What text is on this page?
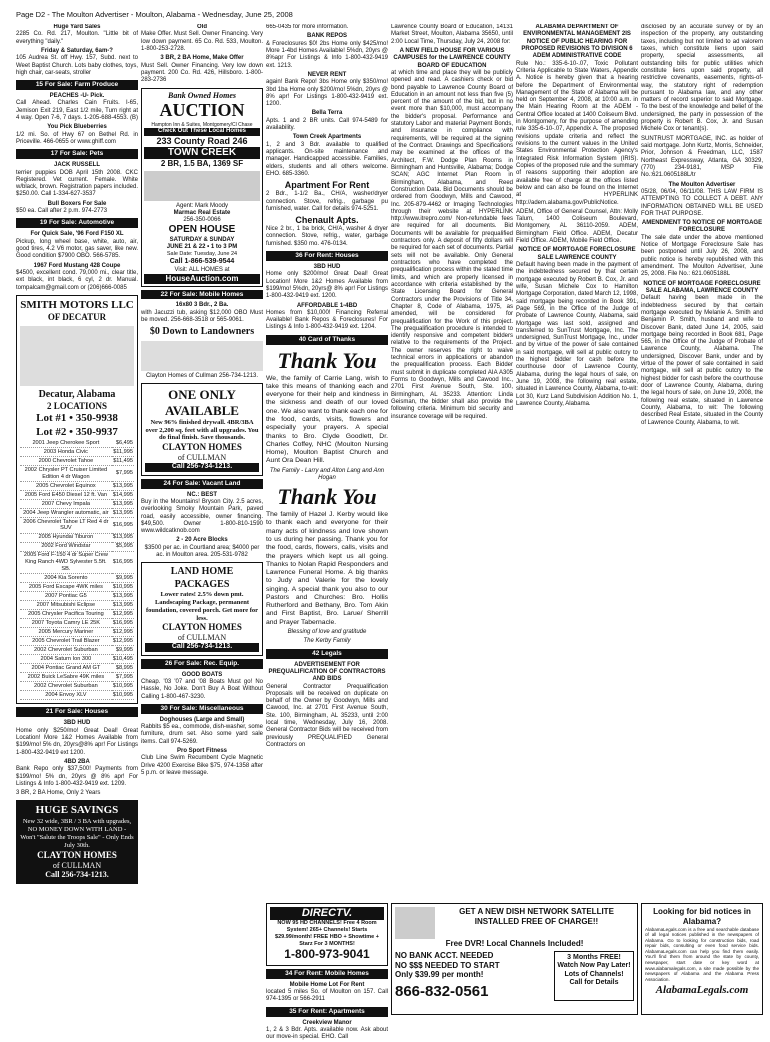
Page D2 - The Moulton Advertiser - Moulton, Alabama - Wednesday, June 25, 2008
Huge Yard Sales

2285 Co. Rd. 217, Moulton. "Little bit of everything "daily."

Friday & Saturday, 6am-?

105 Audrea St. off Hwy. 157, Subd. next to Weet Baptist Church. Lots baby clothes, toys, high chair, car-seats, stroller

15 For Sale: Farm Produce
PEACHES -U- Pick.

Call Ahead. Charles Cain Fruits. I-65, Jemison Exit 219, East 1/2 mile, Turn right at 4 way. Open 7-6, 7 days. 1-205-688-4553. (B)

You Pick Blueberries

1/2 mi. So. of Hwy 67 on Bethel Rd. in Priceville. 466-0655 or www.ghiff.com

17 For Sale: Pets
JACK RUSSELL

terrier puppies DOB April 15th 2008. CKC Registered. Vet current. Female. White w/black, brown. Registration papers included. $250.00. Call 1-334-627-3537

Bull Boxers For Sale

$50 ea. Call after 2 p.m. 974-2773

19 For Sale: Automotive
For Quick Sale, '96 Ford F150 XL

Pickup, long wheel base, white, auto, air, good tires, 4.2 V6 motor, gas saver, like new. Good condition $7900 OBO. 566-5785.

1967 Ford Mustang 428 Coupe

$4500, excellent cond. 79,000 mi., clear title, ext black, int black, 6 cyl, 2 dr. Manual. tompalcam@gmail.com or (206)666-0085

SMITH MOTORS LLC
OF DECATUR
Decatur, Alabama
2 LOCATIONS
Lot #1 • 350-9938
Lot #2 • 350-9937
2001 Jeep Cherokee Sport	$6,495
2003 Honda Civic	$11,995
2000 Chevrolet Tahoe	$11,495
2002 Chrysler PT Cruiser Limited Edition 4 dr Wagon	$7,995
2005 Chevrolet Equinox	$13,995
2005 Ford E450 Diesel 12 ft. Van	$14,995
2007 Chevy Impala	$13,995
2004 Jeep Wrangler automatic, air	$13,995
2006 Chevrolet Tahoe LT Red 4 dr SUV	$16,995
2005 Hyundai Tiburon	$13,995
2002 Ford Windstar	$5,995
2005 Ford F-150 4 dr Super Crew King Ranch 4WD Sylvester 5.5ft. SB.	$16,995
2004 Kia Sorento	$9,995
2005 Ford Escape 4WK miles	$10,995
2007 Pontiac G5	$13,995
2007 Mitsubishi Eclipse	$13,995
2005 Chrysler Pacifica Touring	$12,995
2007 Toyota Camry LE 25K	$16,995
2005 Mercury Mariner	$12,995
2005 Chevrolet Trail Blazer	$12,995
2002 Chevrolet Suburban	$9,995
2004 Saturn Ion 300	$10,495
2004 Pontiac Grand AM GT	$8,995
2002 Buick LeSabre 49K miles	$7,995
2002 Chevrolet Suburban	$10,995
2004 Envoy XLV	$10,995
21 For Sale: Houses
3BD HUD

Home only $250/mo! Great Deal! Great Location! More 1&2 Homes Available from $199/mo! 5% dn, 20yrs@8% apr! For Listings 1-800-432-9419 ext 1200.

4BD 2BA

Bank Repo only $37,500! Payments from $199/mo! 5% dn, 20yrs @ 8% apr! For Listings & Info 1-800-432-9419 ext. 1209.

3 BR, 2 BA Home, Only 2 Years

HUGE SAVINGS
New 32 wide, 3BR / 3 BA with upgrades, NO MONEY DOWN WITH LAND - Won't "Salute the Troops Sale" - Only Ends July 30th.
CLAYTON HOMES
of CULLMAN
Call 256-734-1213.
Old

Make Offer. Must Sell. Owner Financing. Very low down payment. 65 Co. Rd. 533, Moulton. 1-800-253-2728.

3 BR, 2 BA Home, Make Offer

Must Sell. Owner Financing. Very low down payment. 200 Co. Rd. 426, Hillsboro. 1-800-283-2736

Bank Owned Homes
AUCTION
Hampton Inn & Suites, Montgomery/Cl Chase
Check Out These Local Homes
233 County Road 246
TOWN CREEK
2 BR, 1.5 BA, 1369 SF
Agent: Mark Moody
Marmac Real Estate
256-350-0066
OPEN HOUSE
SATURDAY & SUNDAY
JUNE 21 & 22 • 1 to 3 PM
Sale Date: Tuesday, June 24
Call 1-866-539-9544
Visit: ALL HOMES at
HouseAuction.com
22 For Sale: Mobile Homes
16x80 3 Bdr., 2 Ba.

with Jacuzzi tub, asking $12,000 OBO Must be moved. 256-668-3518 or 565-9061.

$0 Down to Landowners

Clayton Homes of Cullman 256-734-1213.

ONE ONLY
AVAILABLE
New 96% finished drywall. 4BR/3BA over 2,200 sq. feet with all upgrades. You do final finish. Save thousands.
CLAYTON HOMES
of CULLMAN
Call 256-734-1213.
24 For Sale: Vacant Land
NC.: BEST

Buy in the Mountains! Bryson City. 2.5 acres, overlooking Smoky Mountain Park, paved road, easily accessible, owner financing. $49,500. Owner 1-800-810-1590 www.wildcatknob.com

2 - 20 Acre Blocks

$3500 per ac. in Courtland area; $4000 per ac. in Moulton area. 205-531-9782

LAND HOME PACKAGES
Lower rates! 2.5% down pmt. Landscaping Package, permanent foundation, covered porch. Get more for less.
CLAYTON HOMES
of CULLMAN
Call 256-734-1213.
26 For Sale: Rec. Equip.
GOOD BOATS

Cheap. '03 '07 and '08 Boats Must go! No Hassle, No Joke. Don't Buy A Boat Without Calling 1-800-467-3230.

30 For Sale: Miscellaneous
Doghouses (Large and Small)

Rabbits $5 ea., commode, dish-washer, some furniture, drum set. Also some yard sale items. Call 974-5269.

Pro Sport Fitness

Club Line Swim Recumbent Cycle Magnetic Drive 4200 Exercise Bike $75, 974-1358 after 5 p.m. or leave message.

665-0435 for more information.

BANK REPOS

& Foreclosures $0! 2bs Home only $425/mo! More 1-4bd Homes Available! 5%dn, 20yrs @ 8%apr For Listings & Info 1-800-432-9419 ext. 1213.

NEVER RENT

again! Bank Repo! 3bs Home only $350/mo! 3bd 1ba Home only $200/mo! 5%dn, 20yrs @ 8% apr! For Listings 1-800-432-9419 ext. 1200.

Bella Terra

Apts. 1 and 2 BR units. Call 974-5489 for availability.

Town Creek Apartments

1, 2 and 3 Bdr. available to qualified applicants. On-site maintenance and manager. Handicapped accessible. Families, elders, students and all others welcome. EHO. 685-3360.

Apartment For Rent

2 Bdr., 1-1/2 Ba., CH/A, washer/dryer connection. Stove, refrig., garbage pu furnished, water. Call for details 974-5251.

Chenault Apts.

Nice 2 br., 1 ba brick, CH/A, washer & dryer connection. Stove, refrig., water, garbage furnished. $350 mo. 476-0134.

36 For Rent: Houses
3BD HUD

Home only $200/mo! Great Deal! Great Location! More 1&2 Homes Available from $199/mo! 5%dn, 20yrs@ 8% apr! For Listings 1-800-432-9419 ext. 1200.

AFFORDABLE 1-4BD

Homes from $10,000! Financing Referral Available! Bank Repos & Foreclosures! For Listings & Info 1-800-432-9419 ext. 1204.

40 Card of Thanks
Thank You

We, the family of Carrie Lang, wish to take this means of thanking each and everyone for their help and kindness in the sickness and death of our loved one. We also want to thank each one for the food, cards, visits, flowers and especially your prayers. A special thanks to Bro. Clyde Goodlett, Dr. Charles Coffey, NHC (Moulton Nursing Home), Moulton Baptist Church and Aunt Ora Dean Hill.

The Family - Larry and Alton Lang and Ann Hogan

Thank You

The family of Hazel J. Kerby would like to thank each and everyone for their many acts of kindness and love shown to us during her passing. Thank you for the food, cards, flowers, calls, visits and the prayers which kept us all going. Thanks to Nolan Rapid Responders and Lawrence Funeral Home. A big thanks to Judy and Valerie for the lovely singing. A special thank you also to our Pastors and Churches: Bro. Hollis Rutherford and Bethany, Bro. Tom Akin and First Baptist, Bro. Larue/ Sherrill and Prayer Tabernacle.

Blessing of love and gratitude

The Kerby Family

42 Legals
ADVERTISEMENT FOR PREQUALIFICATION OF CONTRACTORS AND BIDS

General Contractor Prequalification Proposals will be received on duplicate on behalf of the Owner by Goodwyn, Mills and Cawood, Inc. at 2701 First Avenue South, Ste. 100, Birmingham, AL 35233, until 2:00 local time, Wednesday, July 16, 2008. General Contractor Bids will be received from previously PREQUALIFIED General Contractors on

Lawrence County Board of Education, 14131 Market Street, Moulton, Alabama 35650, until 2:00 Local Time, Thursday, July 24, 2008 for:

A NEW FIELD HOUSE FOR VARIOUS CAMPUSES for the LAWRENCE COUNTY BOARD OF EDUCATION

at which time and place they will be publicly opened and read. A cashiers check or bid bond payable to Lawrence County Board of Education in an amount not less than five (5) percent of the amount of the bid, but in no event more than $10,000, must accompany the bidder's proposal. Performance and statutory Labor and material Payment Bonds, and insurance in compliance with requirements, will be required at the signing of the Contract. Drawings and Specifications may be examined at the offices of the Architect, F.W. Dodge Plan Rooms in Birmingham and Huntsville, Alabama; Dodge SCAN; AGC Internet Plan Room in Birmingham, Alabama, and Reed Construction Data. Bid Documents should be ordered from Goodwyn, Mills and Cawood, Inc. 205-879-4462 or Imaging Technologies through their website at HYPERLINK http://www.itrepro.com/ Non-refundable fees are required for all documents. Bid Documents will be available for prequalified contractors only. A deposit of fifty dollars will be required for each set of documents. Partial sets will not be available. Only General contractors who have completed the prequalification process within the stated time limits, and which are properly licensed in accordance with criteria established by the State Licensing Board for General Contractors under the Provisions of Title 34, Chapter 8, Code of Alabama, 1975, as amended, will be considered for prequalification for the Work of this project. The prequalification procedure is intended to identify responsive and competent bidders relative to the requirements of the Project. The owner reserves the right to waive technical errors in applications or abandon the prequalification process. Each Bidder must submit in duplicate completed AIA A305 Forms to Goodwyn, Mills and Cawood Inc., 2701 First Avenue South, Ste. 100, Birmingham, AL 35233. Attention: Linda Geisman, the bidder shall also provide the following criteria. Minimum bid security and insurance coverage will be required.

ALABAMA DEPARTMENT OF ENVIRONMENTAL MANAGEMENT 2IS NOTICE OF PUBLIC HEARING FOR PROPOSED REVISIONS TO DIVISION 6 ADEM ADMINISTRATIVE CODE

Rule No.: 335-6-10-.07, Toxic Pollutant Criteria Applicable to State Waters, Appendix A. Notice is hereby given that a hearing before the Department of Environmental Management of the State of Alabama will be held on September 4, 2008, at 10:00 a.m. in the Main Hearing Room at the ADEM - Central Office located at 1400 Coliseum Blvd. in Montgomery, for the purpose of amending rule 335-6-10-.07, Appendix A. The proposed revisions update criteria and reflect the revisions to the current values in the United States Environmental Protection Agency's Integrated Risk Information System (IRIS). Copies of the proposed rule and the summary of reasons supporting their adoption are available free of charge at the offices listed below and can also be found on the Internet at HYPERLINK http://adem.alabama.gov/PublicNotice.

ADEM, Office of General Counsel, Attn: Molly Talum, 1400 Coliseum Boulevard, Montgomery, AL 36110-2059. ADEM, Birmingham Field Office. ADEM, Decatur Field Office. ADEM, Mobile Field Office.

NOTICE OF MORTGAGE FORECLOSURE SALE LAWRENCE COUNTY

Default having been made in the payment of the indebtedness secured by that certain mortgage executed by Robert B. Cox, Jr. and wife, Susan Michele Cox to Hamilton Mortgage Corporation, dated March 12, 1998, said mortgage being recorded in Book 391, Page 569, in the Office of the Judge of Probate of Lawrence County, Alabama, said Mortgage was last sold, assigned and transferred to SunTrust Mortgage, Inc. The undersigned, SunTrust Mortgage, Inc., under and by virtue of the power of sale contained in said mortgage, will sell at public outcry to the highest bidder for cash before the courthouse door of Lawrence County, Alabama, during the legal hours of sale, on June 19, 2008, the following real estate, situated in Lawrence County, Alabama, to-wit: Lot 30, Kurz Land Subdivision Addition No. 1, Lawrence County, Alabama.

disclosed by an accurate survey or by an inspection of the property, any outstanding taxes, including but not limited to ad valorem taxes, which constitute liens upon said property, special assessments, all outstanding bills for public utilities which constitute liens upon said property, all restrictive covenants, easements, rights-of-way, the statutory right of redemption pursuant to Alabama law, and any other matters of record superior to said Mortgage. To the best of the knowledge and belief of the undersigned, the party in possession of the property is Robert B. Cox, Jr. and Susan Michele Cox or tenant(s).

SUNTRUST MORTGAGE, INC. as holder of said mortgage. John Kurtz, Morris, Schneider, Prior, Johnson & Freedman, LLC, 1587 Northeast Expressway, Atlanta, GA 30329, (770) 234-9181, MSP File No.:621.0605188L/tr

The Moulton Advertiser

05/28, 06/04, 06/11/08. THIS LAW FIRM IS ATTEMPTING TO COLLECT A DEBT. ANY INFORMATION OBTAINED WILL BE USED FOR THAT PURPOSE.

AMENDMENT TO NOTICE OF MORTGAGE FORECLOSURE

The sale date under the above mentioned Notice of Mortgage Foreclosure Sale has been postponed until July 26, 2008, and public notice is hereby republished with this amendment. The Moulton Advertiser, June 25, 2008. File No.: 621.0605188L

NOTICE OF MORTGAGE FORECLOSURE SALE ALABAMA, LAWRENCE COUNTY

Default having been made in the indebtedness secured by that certain mortgage executed by Melanie A. Smith and Benjamin P. Smith, husband and wife to Discover Bank, dated June 14, 2005, said mortgage being recorded in Book 681, Page 565, in the Office of the Judge of Probate of Lawrence County, Alabama. The undersigned, Discover Bank, under and by virtue of the power of sale contained in said mortgage, will sell at public outcry to the highest bidder for cash before the courthouse door of Lawrence County, Alabama, during the legal hours of sale, on June 19, 2008, the following real estate, situated in Lawrence County, Alabama, to wit: The following described Real Estate, situated in the County of Lawrence County, Alabama, to wit.

DIRECTV.
NOW 95 HD CHANNELS! Free 4 Room System! 265+ Channels! Starts $29.99/month! FREE HBO + Showtime + Starz For 3 MONTHS!
1-800-973-9041
34 For Rent: Mobile Homes
Mobile Home Lot For Rent

located 5 miles So. of Moulton on 157. Call 974-1395 or 566-2911

35 For Rent: Apartments
Creekview Manor

1, 2 & 3 Bdr. Apts. available now. Ask about our move-in special. EHO. Call

GET A NEW DISH NETWORK SATELLITE INSTALLED FREE OF CHARGE!!
Free DVR! Local Channels Included!
NO BANK ACCT. NEEDED
NO $$$ NEEDED TO START
Only $39.99 per month!
866-832-0561
3 Months FREE!
Watch Now Pay Later!
Lots of Channels!
Call for Details
Looking for bid notices in Alabama?

AlabamaLegals.com is a free and searchable database of all legal notices published in the newspapers of Alabama. Go to looking for construction bids, road repair bids, consulting or even food service bids. AlabamaLegals.com can help you find them easily. You'll find them from around the state by county, newspaper, start date or key word at www.alabamalegals.com, a site made possible by the newspapers of Alabama and the Alabama Press Association.

AlabamaLegals.com
